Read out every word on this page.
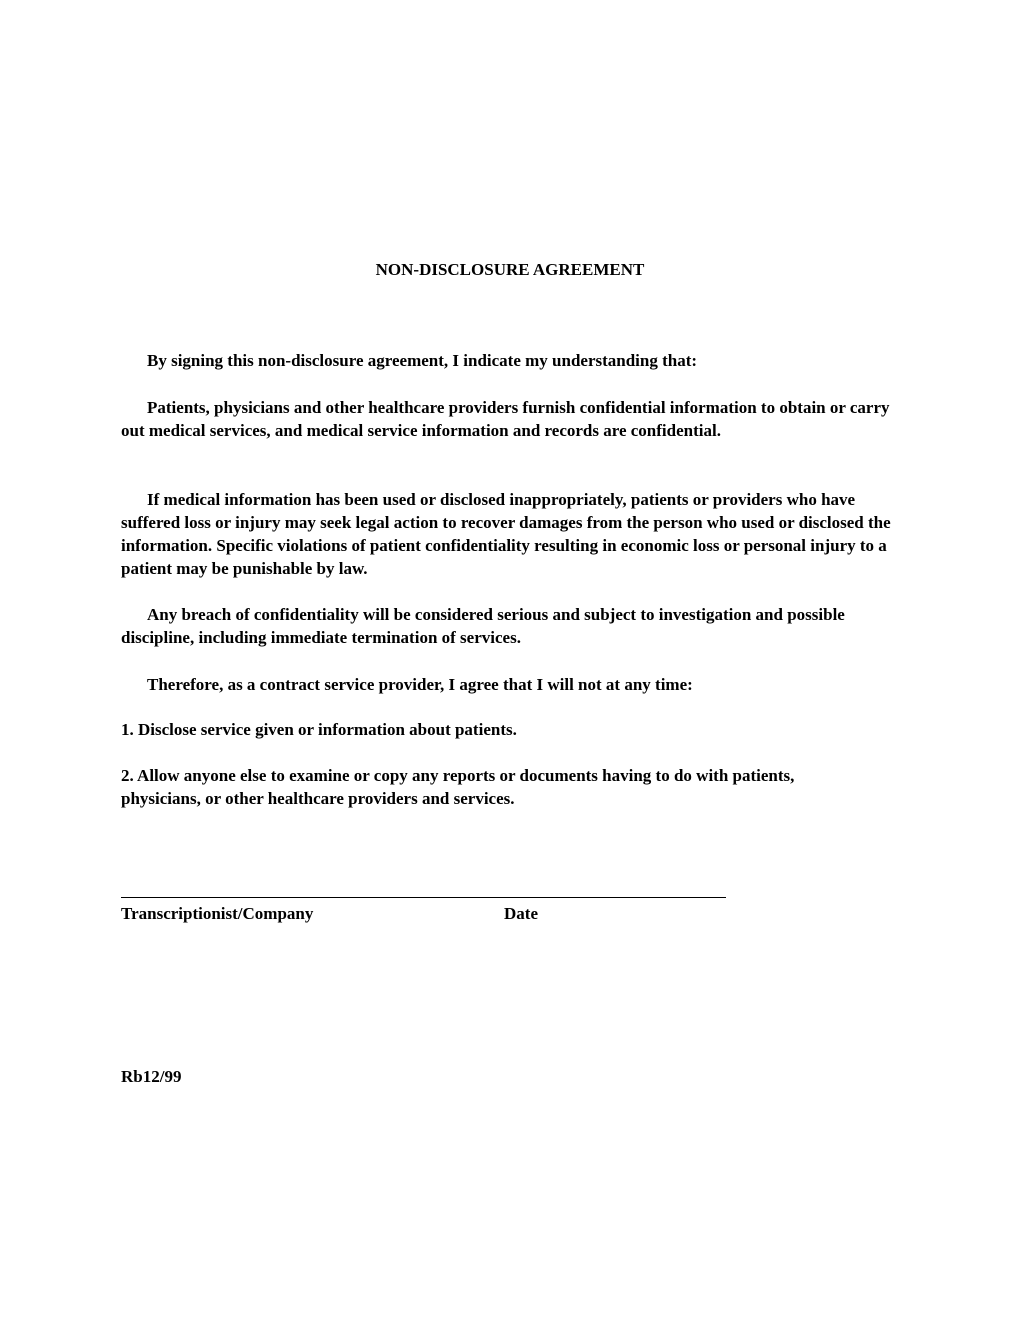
NON-DISCLOSURE AGREEMENT

By signing this non-disclosure agreement, I indicate my understanding that:

Patients, physicians and other healthcare providers furnish confidential information to obtain or carry out medical services, and medical service information and records are confidential.

If medical information has been used or disclosed inappropriately, patients or providers who have suffered loss or injury may seek legal action to recover damages from the person who used or disclosed the information. Specific violations of patient confidentiality resulting in economic loss or personal injury to a patient may be punishable by law.

Any breach of confidentiality will be considered serious and subject to investigation and possible discipline, including immediate termination of services.

Therefore, as a contract service provider, I agree that I will not at any time:

1. Disclose service given or information about patients.

2. Allow anyone else to examine or copy any reports or documents having to do with patients, physicians, or other healthcare providers and services.

Transcriptionist/Company	Date
Rb12/99
